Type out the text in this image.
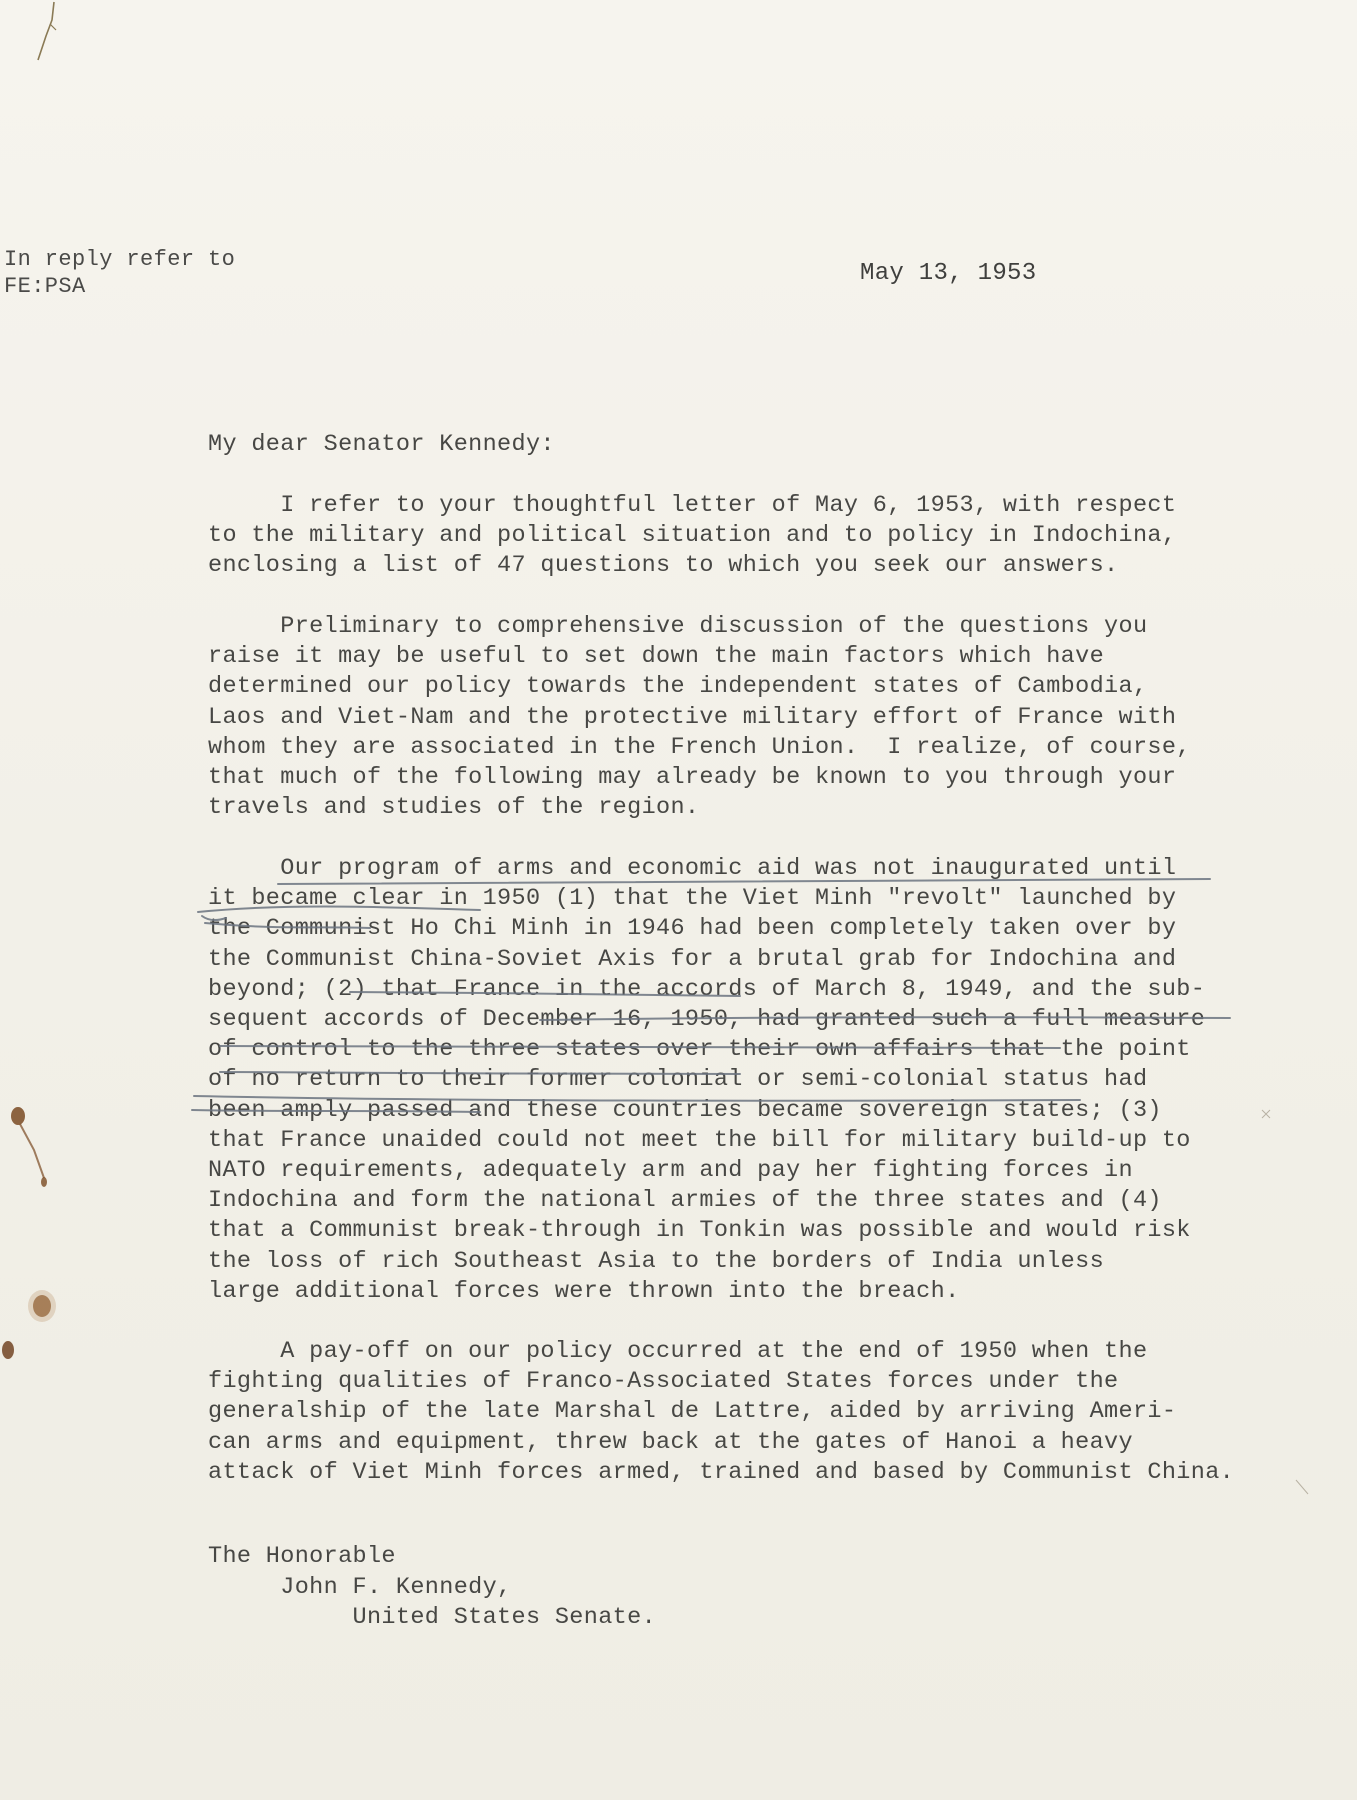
In reply refer to
FE:PSA	May 13, 1953
My dear Senator Kennedy:
I refer to your thoughtful letter of May 6, 1953, with respect
to the military and political situation and to policy in Indochina,
enclosing a list of 47 questions to which you seek our answers.
Preliminary to comprehensive discussion of the questions you
raise it may be useful to set down the main factors which have
determined our policy towards the independent states of Cambodia,
Laos and Viet-Nam and the protective military effort of France with
whom they are associated in the French Union.  I realize, of course,
that much of the following may already be known to you through your
travels and studies of the region.
Our program of arms and economic aid was not inaugurated until
it became clear in 1950 (1) that the Viet Minh "revolt" launched by
the Communist Ho Chi Minh in 1946 had been completely taken over by
the Communist China-Soviet Axis for a brutal grab for Indochina and
beyond; (2) that France in the accords of March 8, 1949, and the sub-
sequent accords of December 16, 1950, had granted such a full measure
of control to the three states over their own affairs that the point
of no return to their former colonial or semi-colonial status had
been amply passed and these countries became sovereign states; (3)
that France unaided could not meet the bill for military build-up to
NATO requirements, adequately arm and pay her fighting forces in
Indochina and form the national armies of the three states and (4)
that a Communist break-through in Tonkin was possible and would risk
the loss of rich Southeast Asia to the borders of India unless
large additional forces were thrown into the breach.
A pay-off on our policy occurred at the end of 1950 when the
fighting qualities of Franco-Associated States forces under the
generalship of the late Marshal de Lattre, aided by arriving Ameri-
can arms and equipment, threw back at the gates of Hanoi a heavy
attack of Viet Minh forces armed, trained and based by Communist China.
The Honorable
John F. Kennedy,
United States Senate.
